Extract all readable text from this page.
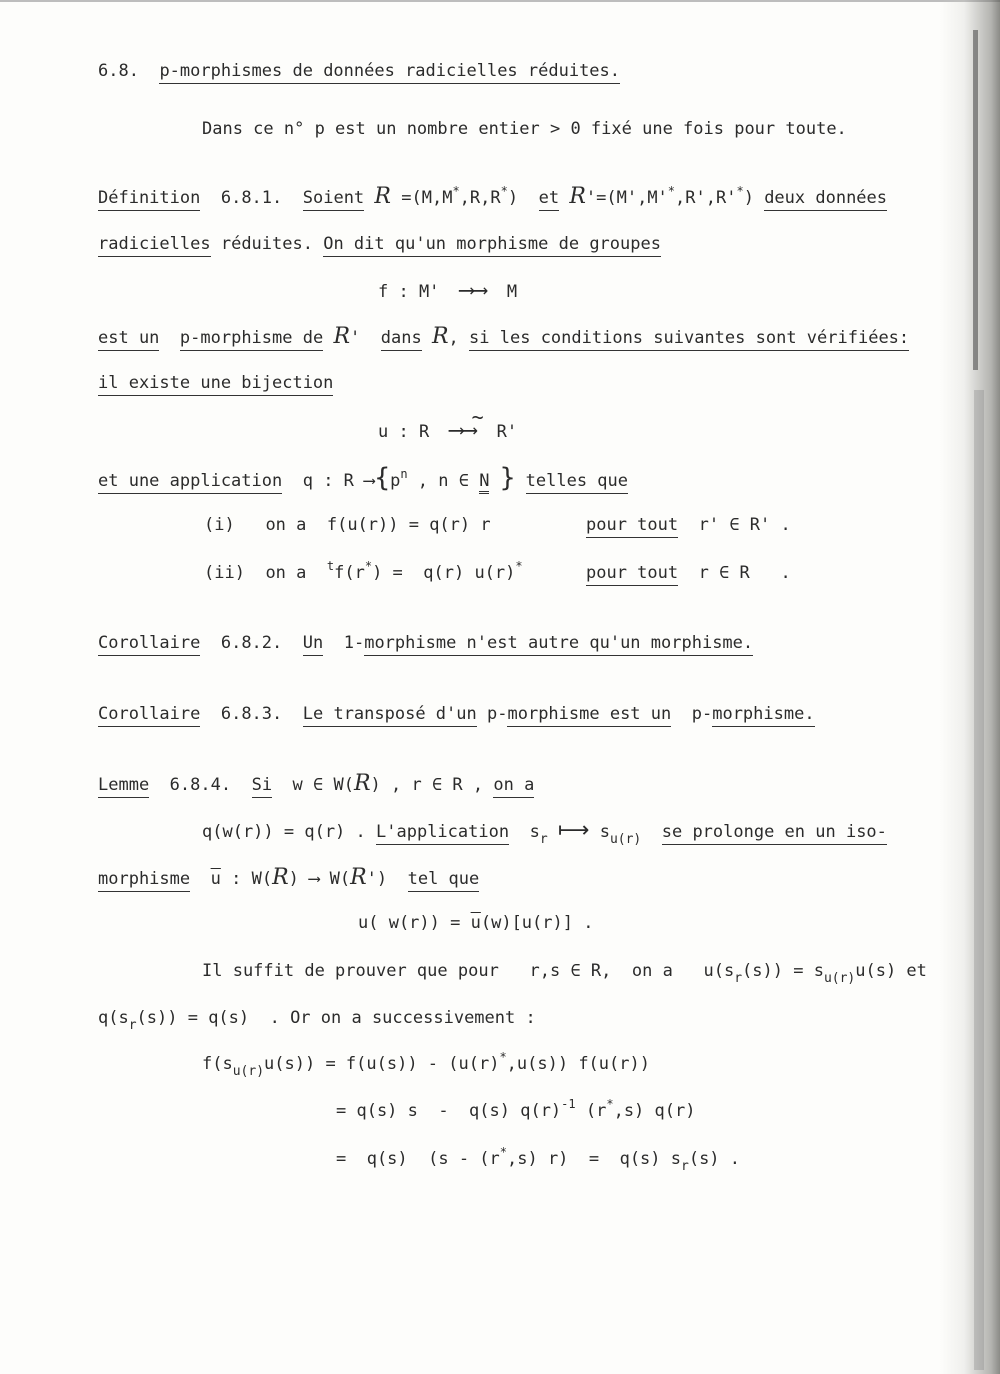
6.8. p-morphismes de données radicielles réduites.
Dans ce n° p est un nombre entier > 0 fixé une fois pour toute.
Définition 6.8.1. Soient R =(M,M*,R,R*) et R'=(M',M'*,R',R'*) deux données
radicielles réduites. On dit qu'un morphisme de groupes
f : M' ⟶⟶ M
est un p-morphisme de R' dans R, si les conditions suivantes sont vérifiées:
il existe une bijection
u : R ⟶⟶
~
R'
et une application q : R $⟶\{p^n$ , n ∈ N } telles que
(i) on a  f(u(r)) = q(r) r	pour tout r' ∈ R' .
(ii) on a $^t$f(r*) = q(r) u(r)*	pour tout r ∈ R   .
Corollaire 6.8.2. Un 1-morphisme n'est autre qu'un morphisme.
Corollaire 6.8.3. Le transposé d'un p-morphisme est un p-morphisme.
Lemme 6.8.4. Si w ∈ W(R) , r ∈ R , on a
q(w(r)) = q(r) . L'application $s_r$ ⟼ $s_{u(r)}$ se prolonge en un iso-
morphisme $\overline{u}$ : W(R) ⟶ W(R') tel que
u( $w(r)) = \overline{u}(w)[u(r)]$ .
Il suffit de prouver que pour   r,s ∈ R,  on a   $u(s_r(s)) = s_{u(r)}u(s)$ et
$q(s_r(s)) = q(s)$  . Or on a successivement :
$f(s_{u(r)}u(s)) = f(u(s)) - (u(r)^*,u(s))$ f(u(r))
= q(s) s  -  q(s) $q(r)^{-1}$ (r*,s) q(r)
=  q(s)  (s - (r*,s) r)  =  q(s) $s_r(s)$ .
